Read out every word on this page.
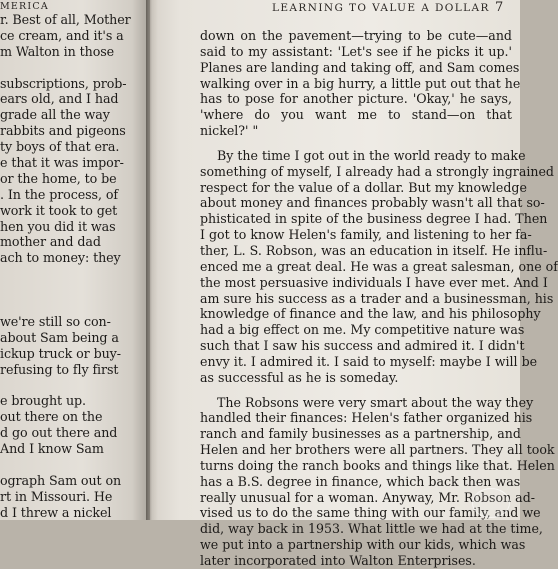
MERICA
r. Best of all, Mother
ce cream, and it's a
m Walton in those
subscriptions, prob-
ears old, and I had
grade all the way
rabbits and pigeons
ty boys of that era.
e that it was impor-
or the home, to be
. In the process, of
work it took to get
hen you did it was
mother and dad
ach to money: they
we're still so con-
about Sam being a
ickup truck or buy-
refusing to fly first
e brought up.
out there on the
d go out there and
And I know Sam
ograph Sam out on
rt in Missouri. He
d I threw a nickel
LEARNING TO VALUE A DOLLAR 7
down on the pavement—trying to be cute—and
said to my assistant: 'Let's see if he picks it up.'
Planes are landing and taking off, and Sam comes
walking over in a big hurry, a little put out that he
has to pose for another picture. 'Okay,' he says,
'where do you want me to stand—on that
nickel?' "
By the time I got out in the world ready to make
something of myself, I already had a strongly ingrained
respect for the value of a dollar. But my knowledge
about money and finances probably wasn't all that so-
phisticated in spite of the business degree I had. Then
I got to know Helen's family, and listening to her fa-
ther, L. S. Robson, was an education in itself. He influ-
enced me a great deal. He was a great salesman, one of
the most persuasive individuals I have ever met. And I
am sure his success as a trader and a businessman, his
knowledge of finance and the law, and his philosophy
had a big effect on me. My competitive nature was
such that I saw his success and admired it. I didn't
envy it. I admired it. I said to myself: maybe I will be
as successful as he is someday.
The Robsons were very smart about the way they
handled their finances: Helen's father organized his
ranch and family businesses as a partnership, and
Helen and her brothers were all partners. They all took
turns doing the ranch books and things like that. Helen
has a B.S. degree in finance, which back then was
really unusual for a woman. Anyway, Mr. Robson ad-
vised us to do the same thing with our family, and we
did, way back in 1953. What little we had at the time,
we put into a partnership with our kids, which was
later incorporated into Walton Enterprises.
